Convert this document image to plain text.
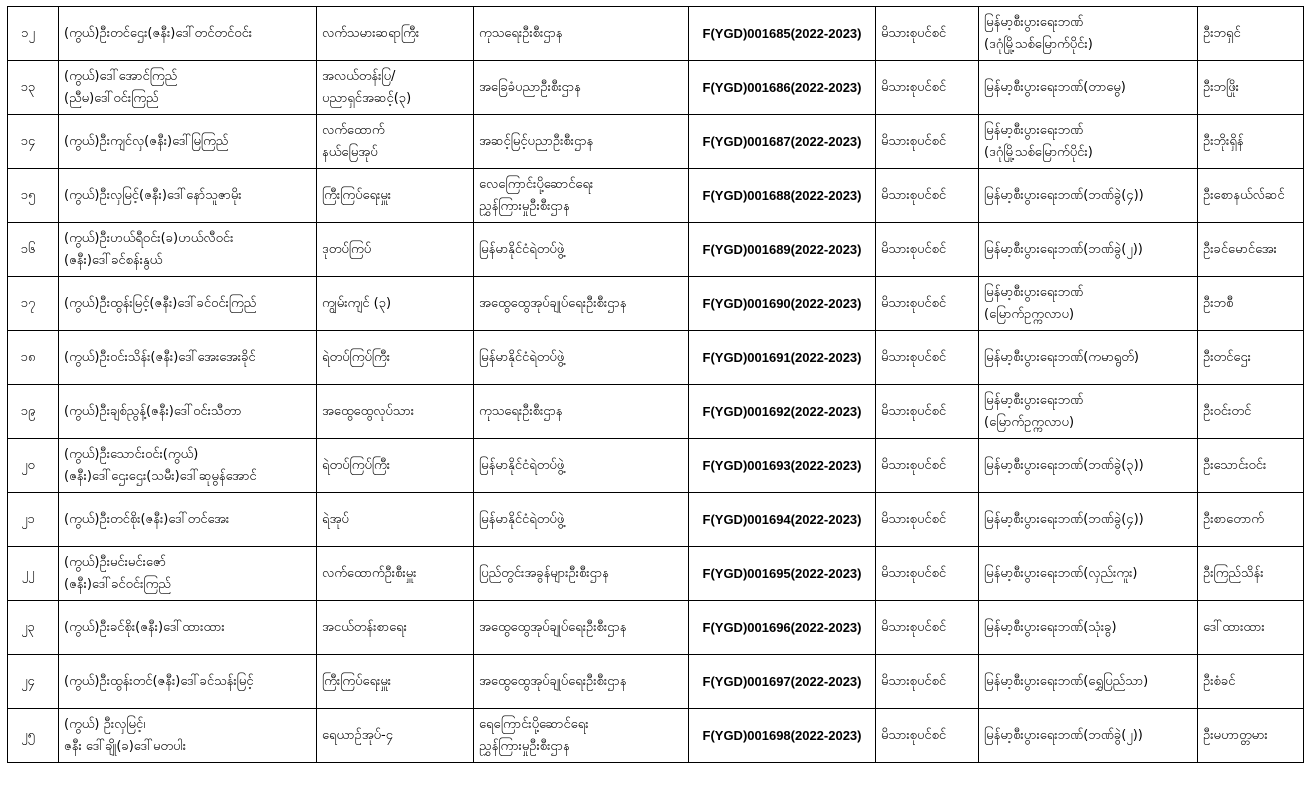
၁၂	(ကွယ်)ဦးတင်ဌေး(ဇနီး)ဒေါ်တင်တင်ဝင်း	လက်သမားဆရာကြီး	ကုသရေးဦးစီးဌာန	F(YGD)001685(2022-2023)	မိသားစုပင်စင်	မြန်မာ့စီးပွားရေးဘဏ်
(ဒဂုံမြို့သစ်မြောက်ပိုင်း)	ဦးဘရှင်
၁၃	(ကွယ်)ဒေါ်အောင်ကြည်
(ညီမ)ဒေါ်ဝင်းကြည်	အလယ်တန်းပြ/
ပညာရှင်အဆင့်(၃)	အခြေခံပညာဦးစီးဌာန	F(YGD)001686(2022-2023)	မိသားစုပင်စင်	မြန်မာ့စီးပွားရေးဘဏ်(တာမွေ)	ဦးဘဖြိုး
၁၄	(ကွယ်)ဦးကျင်လှ(ဇနီး)ဒေါ်မြကြည်	လက်ထောက်
နယ်မြေအုပ်	အဆင့်မြင့်ပညာဦးစီးဌာန	F(YGD)001687(2022-2023)	မိသားစုပင်စင်	မြန်မာ့စီးပွားရေးဘဏ်
(ဒဂုံမြို့သစ်မြောက်ပိုင်း)	ဦးဘိုးရှိန်
၁၅	(ကွယ်)ဦးလှမြင့်(ဇနီး)ဒေါ်နော်သူဇာမိုး	ကြီးကြပ်ရေးမှူး	လေကြောင်းပို့ဆောင်ရေး
ညွှန်ကြားမှုဦးစီးဌာန	F(YGD)001688(2022-2023)	မိသားစုပင်စင်	မြန်မာ့စီးပွားရေးဘဏ်(ဘဏ်ခွဲ(၄))	ဦးစောနယ်လ်ဆင်
၁၆	(ကွယ်)ဦးဟယ်ရီဝင်း(ခ)ဟယ်လီဝင်း
(ဇနီး)ဒေါ်ခင်စန်းနွယ်	ဒုတပ်ကြပ်	မြန်မာနိုင်ငံရဲတပ်ဖွဲ့	F(YGD)001689(2022-2023)	မိသားစုပင်စင်	မြန်မာ့စီးပွားရေးဘဏ်(ဘဏ်ခွဲ(၂))	ဦးခင်မောင်အေး
၁၇	(ကွယ်)ဦးထွန်းမြင့်(ဇနီး)ဒေါ်ခင်ဝင်းကြည်	ကျွမ်းကျင် (၃)	အထွေထွေအုပ်ချုပ်ရေးဦးစီးဌာန	F(YGD)001690(2022-2023)	မိသားစုပင်စင်	မြန်မာ့စီးပွားရေးဘဏ်
(မြောက်ဥက္ကလာပ)	ဦးဘစီ
၁၈	(ကွယ်)ဦးဝင်းသိန်း(ဇနီး)ဒေါ်အေးအေးခိုင်	ရဲတပ်ကြပ်ကြီး	မြန်မာနိုင်ငံရဲတပ်ဖွဲ့	F(YGD)001691(2022-2023)	မိသားစုပင်စင်	မြန်မာ့စီးပွားရေးဘဏ်(ကမာရွတ်)	ဦးတင်ဌေး
၁၉	(ကွယ်)ဦးချစ်ညွန့်(ဇနီး)ဒေါ်ဝင်းသီတာ	အထွေထွေလုပ်သား	ကုသရေးဦးစီးဌာန	F(YGD)001692(2022-2023)	မိသားစုပင်စင်	မြန်မာ့စီးပွားရေးဘဏ်
(မြောက်ဥက္ကလာပ)	ဦးဝင်းတင်
၂၀	(ကွယ်)ဦးသောင်းဝင်း(ကွယ်)
(ဇနီး)ဒေါ်ဌေးဌေး(သမီး)ဒေါ်ဆုမွန်အောင်	ရဲတပ်ကြပ်ကြီး	မြန်မာနိုင်ငံရဲတပ်ဖွဲ့	F(YGD)001693(2022-2023)	မိသားစုပင်စင်	မြန်မာ့စီးပွားရေးဘဏ်(ဘဏ်ခွဲ(၃))	ဦးသောင်းဝင်း
၂၁	(ကွယ်)ဦးတင်စိုး(ဇနီး)ဒေါ်တင်အေး	ရဲအုပ်	မြန်မာနိုင်ငံရဲတပ်ဖွဲ့	F(YGD)001694(2022-2023)	မိသားစုပင်စင်	မြန်မာ့စီးပွားရေးဘဏ်(ဘဏ်ခွဲ(၄))	ဦးစာတောက်
၂၂	(ကွယ်)ဦးမင်းမင်းဇော်
(ဇနီး)ဒေါ်ခင်ဝင်းကြည်	လက်ထောက်ဦးစီးမှူး	ပြည်တွင်းအခွန်များဦးစီးဌာန	F(YGD)001695(2022-2023)	မိသားစုပင်စင်	မြန်မာ့စီးပွားရေးဘဏ်(လှည်းကူး)	ဦးကြည်သိန်း
၂၃	(ကွယ်)ဦးခင်စိုး(ဇနီး)ဒေါ်ထားထား	အငယ်တန်းစာရေး	အထွေထွေအုပ်ချုပ်ရေးဦးစီးဌာန	F(YGD)001696(2022-2023)	မိသားစုပင်စင်	မြန်မာ့စီးပွားရေးဘဏ်(သုံးခွ)	ဒေါ်ထားထား
၂၄	(ကွယ်)ဦးထွန်းတင်(ဇနီး)ဒေါ်ခင်သန်းမြင့်	ကြီးကြပ်ရေးမှူး	အထွေထွေအုပ်ချုပ်ရေးဦးစီးဌာန	F(YGD)001697(2022-2023)	မိသားစုပင်စင်	မြန်မာ့စီးပွားရေးဘဏ်(ရွှေပြည်သာ)	ဦးစံခင်
၂၅	(ကွယ်) ဦးလှမြင့်၊
ဇနီး ဒေါ်ချို(ခ)ဒေါ်မတပါး	ရေယာဉ်အုပ်-၄	ရေကြောင်းပို့ဆောင်ရေး
ညွှန်ကြားမှုဦးစီးဌာန	F(YGD)001698(2022-2023)	မိသားစုပင်စင်	မြန်မာ့စီးပွားရေးဘဏ်(ဘဏ်ခွဲ(၂))	ဦးမဟာတ္တမား
